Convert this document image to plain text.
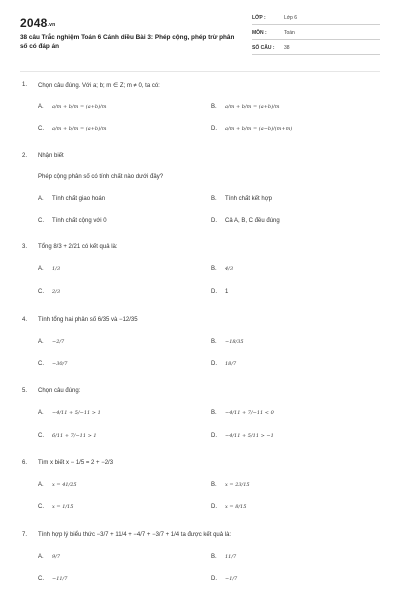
2048.vn
38 câu Trắc nghiệm Toán 6 Cánh diều Bài 3: Phép cộng, phép trừ phân số có đáp án
LỚP :	Lớp 6
MÔN :	Toán
SỐ CÂU : 38
1. Chọn câu đúng. Với a; b; m ∈ Z; m ≠ 0, ta có:
A. a/m + b/m = (a+b)/m	B. a/m + b/m = (a+b)/m
C. a/m + b/m = (a+b)/m	D. a/m + b/m = (a−b)/(m+m)
2. Nhận biết
Phép cộng phân số có tính chất nào dưới đây?
A. Tính chất giao hoán	B. Tính chất kết hợp
C. Tính chất cộng với 0	D. Cả A, B, C đều đúng
3. Tổng 8/3 + 2/21 có kết quả là:
A. 1/3	B. 4/3
C. 2/3	D. 1
4. Tính tổng hai phân số 6/35 và −12/35
A. −2/7	B. −18/35
C. −30/7	D. 18/7
5. Chọn câu đúng:
A. −4/11 + 5/−11 > 1	B. −4/11 + 7/−11 < 0
C. 6/11 + 7/−11 > 1	D. −4/11 + 5/11 > −1
6. Tìm x biết x − 1/5 = 2 + −2/3
A. x = 41/25	B. x = 23/15
C. x = 1/15	D. x = 8/15
7. Tính hợp lý biểu thức −3/7 + 11/4 + −4/7 + −3/7 + 1/4 ta được kết quả là:
A. 9/7	B. 11/7
C. −11/7	D. −1/7
